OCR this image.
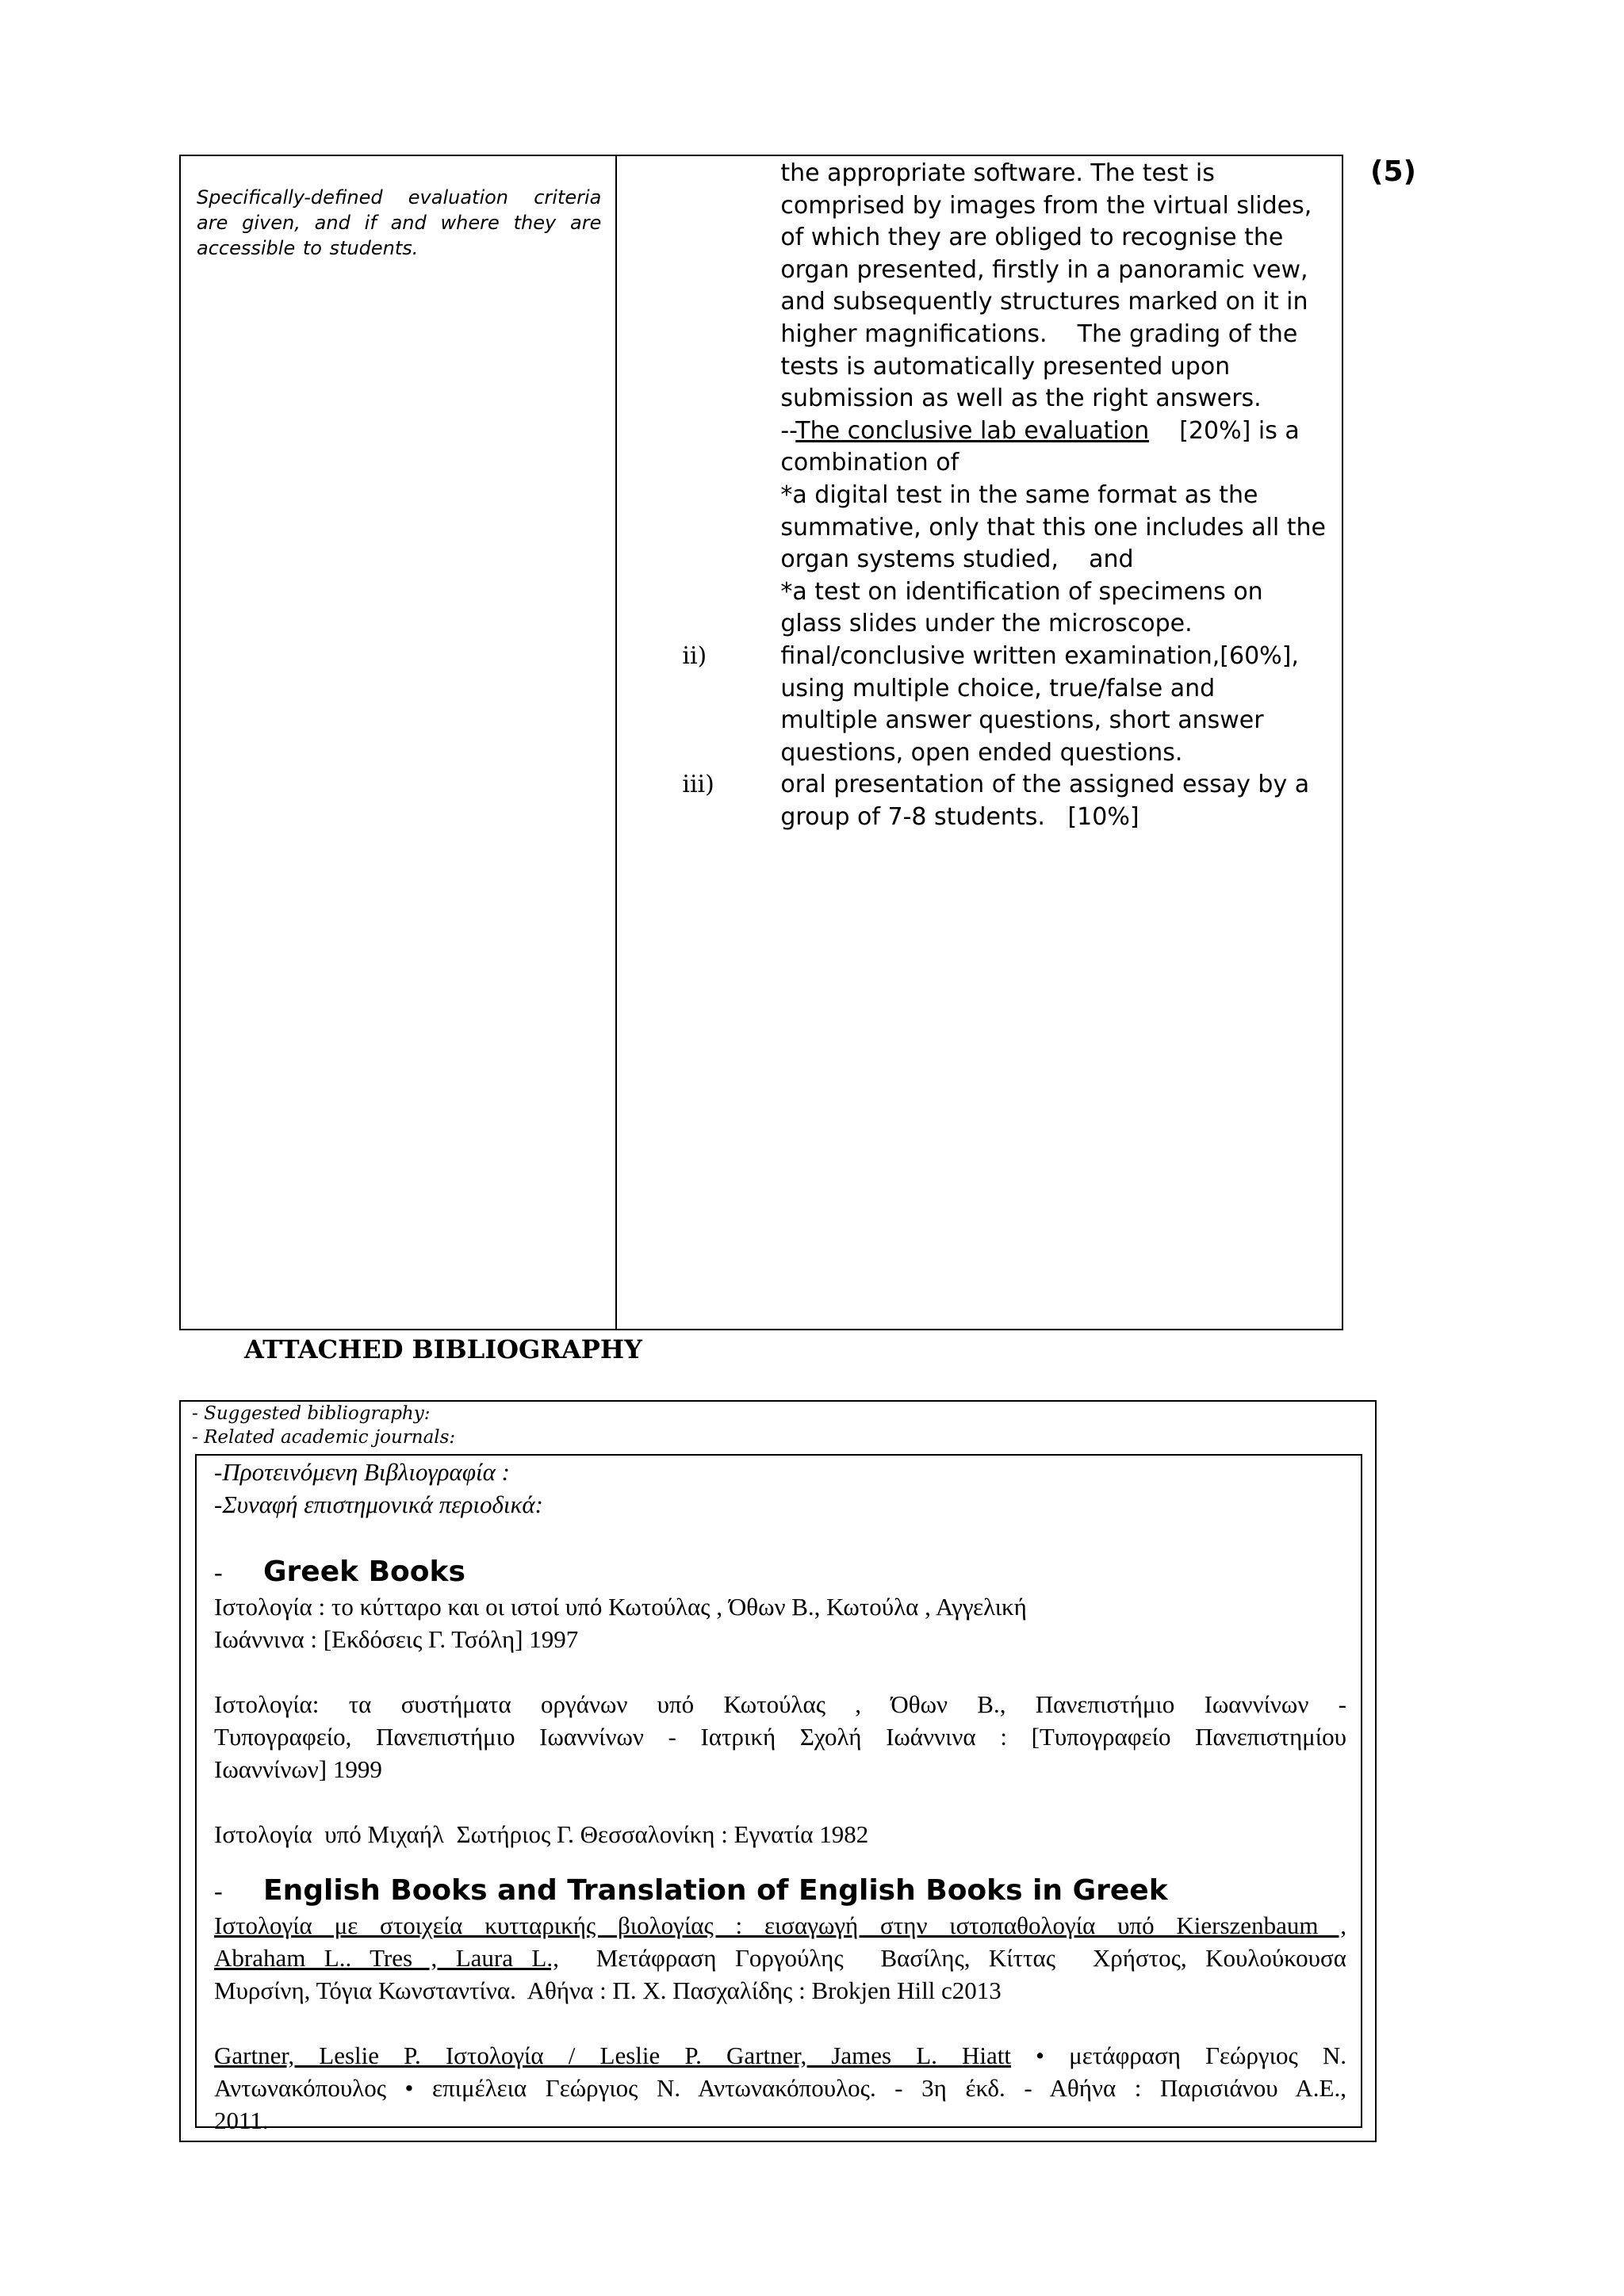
Specifically-defined evaluation criteria are given, and if and where they are accessible to students.

the appropriate software. The test is
comprised by images from the virtual slides,
of which they are obliged to recognise the
organ presented, firstly in a panoramic vew,
and subsequently structures marked on it in
higher magnifications.    The grading of the
tests is automatically presented upon
submission as well as the right answers.
--The conclusive lab evaluation    [20%] is a
combination of
*a digital test in the same format as the
summative, only that this one includes all the
organ systems studied,    and
*a test on identification of specimens on
glass slides under the microscope.
ii)	final/conclusive written examination,[60%],
using multiple choice, true/false and
multiple answer questions, short answer
questions, open ended questions.
iii)	oral presentation of the assigned essay by a
group of 7-8 students.   [10%]
(5)
ATTACHED BIBLIOGRAPHY
- Suggested bibliography:
- Related academic journals:
-Προτεινόμενη Βιβλιογραφία :
-Συναφή επιστημονικά περιοδικά:
-	Greek Books
Ιστολογία : το κύτταρο και οι ιστοί υπό Κωτούλας , Όθων Β., Κωτούλα , Αγγελική
Ιωάννινα : [Εκδόσεις Γ. Τσόλη] 1997
Ιστολογία: τα συστήματα οργάνων υπό Κωτούλας , Όθων Β., Πανεπιστήμιο Ιωαννίνων -
Τυπογραφείο, Πανεπιστήμιο Ιωαννίνων - Ιατρική Σχολή Ιωάννινα : [Τυπογραφείο Πανεπιστημίου
Ιωαννίνων] 1999
Ιστολογία  υπό Μιχαήλ  Σωτήριος Γ. Θεσσαλονίκη : Εγνατία 1982
-	English Books and Translation of English Books in Greek
Ιστολογία με στοιχεία κυτταρικής βιολογίας : εισαγωγή στην ιστοπαθολογία υπό Kierszenbaum ,
Abraham L.. Tres , Laura L.,  Μετάφραση Γοργούλης  Βασίλης, Κίττας  Χρήστος, Κουλούκουσα
Μυρσίνη, Τόγια Κωνσταντίνα.  Αθήνα : Π. Χ. Πασχαλίδης : Brokjen Hill c2013
Gartner, Leslie P. Ιστολογία / Leslie P. Gartner, James L. Hiatt • μετάφραση Γεώργιος Ν.
Αντωνακόπουλος • επιμέλεια Γεώργιος Ν. Αντωνακόπουλος. - 3η έκδ. - Αθήνα : Παρισιάνου Α.Ε.,
2011.
